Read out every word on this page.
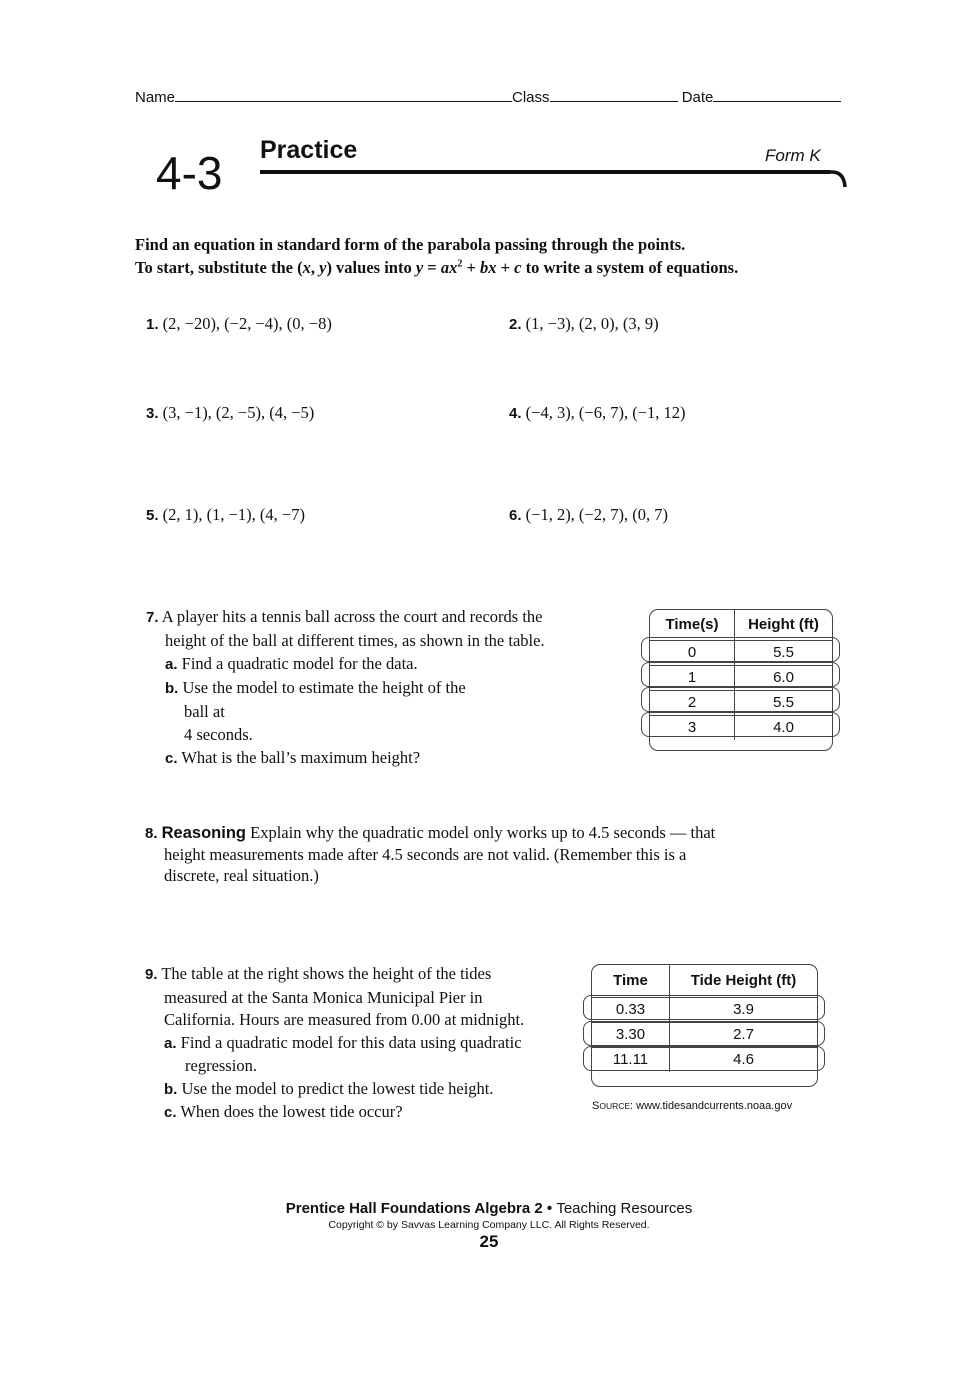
Name	Class	Date
4-3 Practice	Form K
Find an equation in standard form of the parabola passing through the points.
To start, substitute the (x, y) values into $y = ax^2$ + bx + c to write a system of equations.
1. (2, −20), (−2, −4), (0, −8)	2. (1, −3), (2, 0), (3, 9)
3. (3, −1), (2, −5), (4, −5)	4. (−4, 3), (−6, 7), (−1, 12)
5. (2, 1), (1, −1), (4, −7)	6. (−1, 2), (−2, 7), (0, 7)
7. A player hits a tennis ball across the court and records the
height of the ball at different times, as shown in the table.
a. Find a quadratic model for the data.
b. Use the model to estimate the height of the
ball at
4 seconds.
c. What is the ball’s maximum height?
Time(s)	Height (ft)
0	5.5
1	6.0
2	5.5
3	4.0
8. Reasoning Explain why the quadratic model only works up to 4.5 seconds — that
height measurements made after 4.5 seconds are not valid. (Remember this is a
discrete, real situation.)
9. The table at the right shows the height of the tides
measured at the Santa Monica Municipal Pier in
California. Hours are measured from 0.00 at midnight.
a. Find a quadratic model for this data using quadratic
regression.
b. Use the model to predict the lowest tide height.
c. When does the lowest tide occur?
Time	Tide Height (ft)
0.33	3.9
3.30	2.7
11.11	4.6
SOURCE: www.tidesandcurrents.noaa.gov
Prentice Hall Foundations Algebra 2 • Teaching Resources
Copyright © by Savvas Learning Company LLC. All Rights Reserved.
25
